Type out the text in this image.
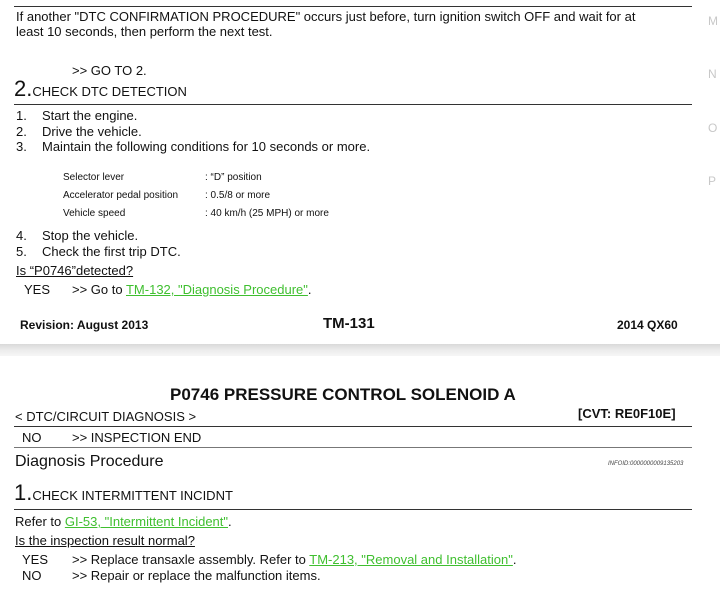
If another "DTC CONFIRMATION PROCEDURE" occurs just before, turn ignition switch OFF and wait for at
least 10 seconds, then perform the next test.
>> GO TO 2.
2.CHECK DTC DETECTION
1. Start the engine.
2. Drive the vehicle.
3. Maintain the following conditions for 10 seconds or more.
Selector lever	: “D” position
Accelerator pedal position	: 0.5/8 or more
Vehicle speed	: 40 km/h (25 MPH) or more
4. Stop the vehicle.
5. Check the first trip DTC.
Is “P0746”detected?
YES >> Go to TM-132, "Diagnosis Procedure".
Revision: August 2013	TM-131	2014 QX60
M
N
O
P
P0746 PRESSURE CONTROL SOLENOID A
< DTC/CIRCUIT DIAGNOSIS >	[CVT: RE0F10E]
NO >> INSPECTION END
Diagnosis Procedure	INFOID:0000000009135203
1.CHECK INTERMITTENT INCIDNT
Refer to GI-53, "Intermittent Incident".
Is the inspection result normal?
YES >> Replace transaxle assembly. Refer to TM-213, "Removal and Installation".
NO >> Repair or replace the malfunction items.
